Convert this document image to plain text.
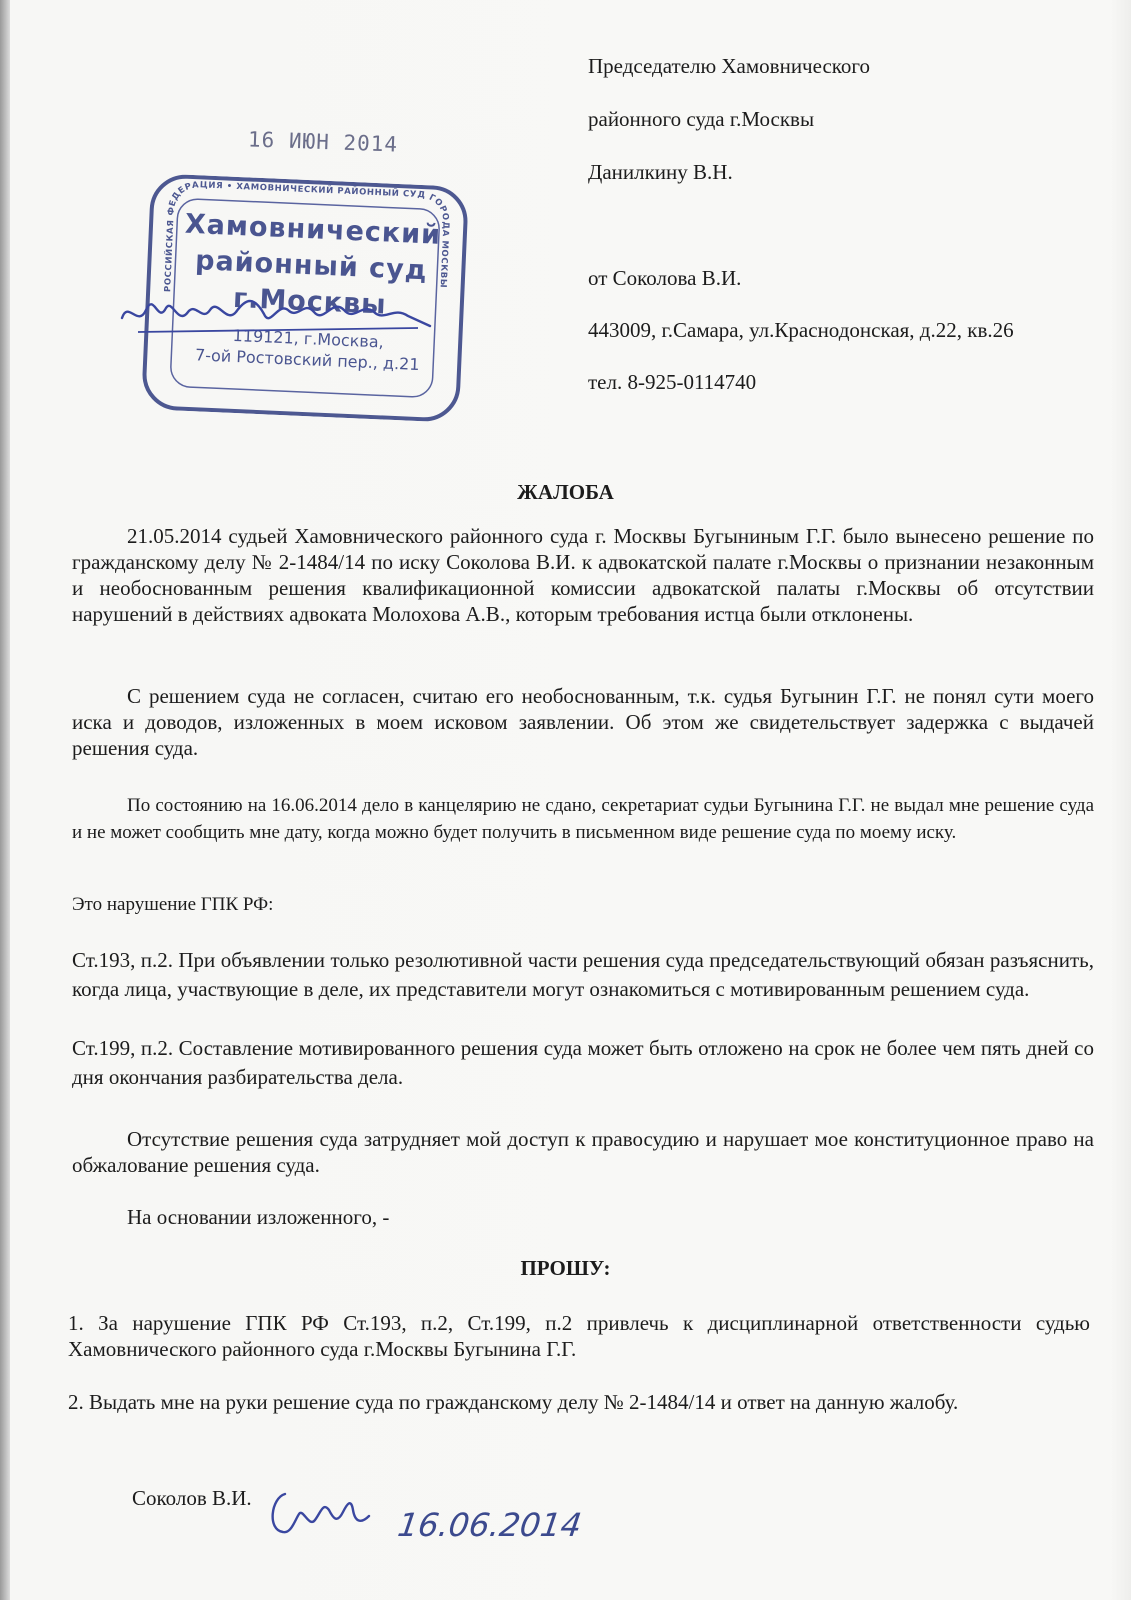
Председателю Хамовнического

районного суда г.Москвы

Данилкину В.Н.

от Соколова В.И.

443009, г.Самара, ул.Краснодонская, д.22, кв.26

тел. 8-925-0114740

16 ИЮН 2014
РОССИЙСКАЯ ФЕДЕРАЦИЯ • ХАМОВНИЧЕСКИЙ РАЙОННЫЙ СУД ГОРОДА МОСКВЫ
Хамовнический
районный суд
г.Москвы
119121, г.Москва,
7-ой Ростовский пер., д.21
ЖАЛОБА

21.05.2014 судьей Хамовнического районного суда г. Москвы Бугыниным Г.Г. было вынесено решение по гражданскому делу № 2-1484/14 по иску Соколова В.И. к адвокатской палате г.Москвы о признании незаконным и необоснованным решения квалификационной комиссии адвокатской палаты г.Москвы об отсутствии нарушений в действиях адвоката Молохова А.В., которым требования истца были отклонены.

С решением суда не согласен, считаю его необоснованным, т.к. судья Бугынин Г.Г. не понял сути моего иска и доводов, изложенных в моем исковом заявлении. Об этом же свидетельствует задержка с выдачей решения суда.

По состоянию на 16.06.2014 дело в канцелярию не сдано, секретариат судьи Бугынина Г.Г. не выдал мне решение суда и не может сообщить мне дату, когда можно будет получить в письменном виде решение суда по моему иску.

Это нарушение ГПК РФ:

Ст.193, п.2. При объявлении только резолютивной части решения суда председательствующий обязан разъяснить, когда лица, участвующие в деле, их представители могут ознакомиться с мотивированным решением суда.

Ст.199, п.2. Составление мотивированного решения суда может быть отложено на срок не более чем пять дней со дня окончания разбирательства дела.

Отсутствие решения суда затрудняет мой доступ к правосудию и нарушает мое конституционное право на обжалование решения суда.

На основании изложенного, -

ПРОШУ:

1. За нарушение ГПК РФ Ст.193, п.2, Ст.199, п.2 привлечь к дисциплинарной ответственности судью Хамовнического районного суда г.Москвы Бугынина Г.Г.

2. Выдать мне на руки решение суда по гражданскому делу № 2-1484/14 и ответ на данную жалобу.

Соколов В.И.
16.06.2014
